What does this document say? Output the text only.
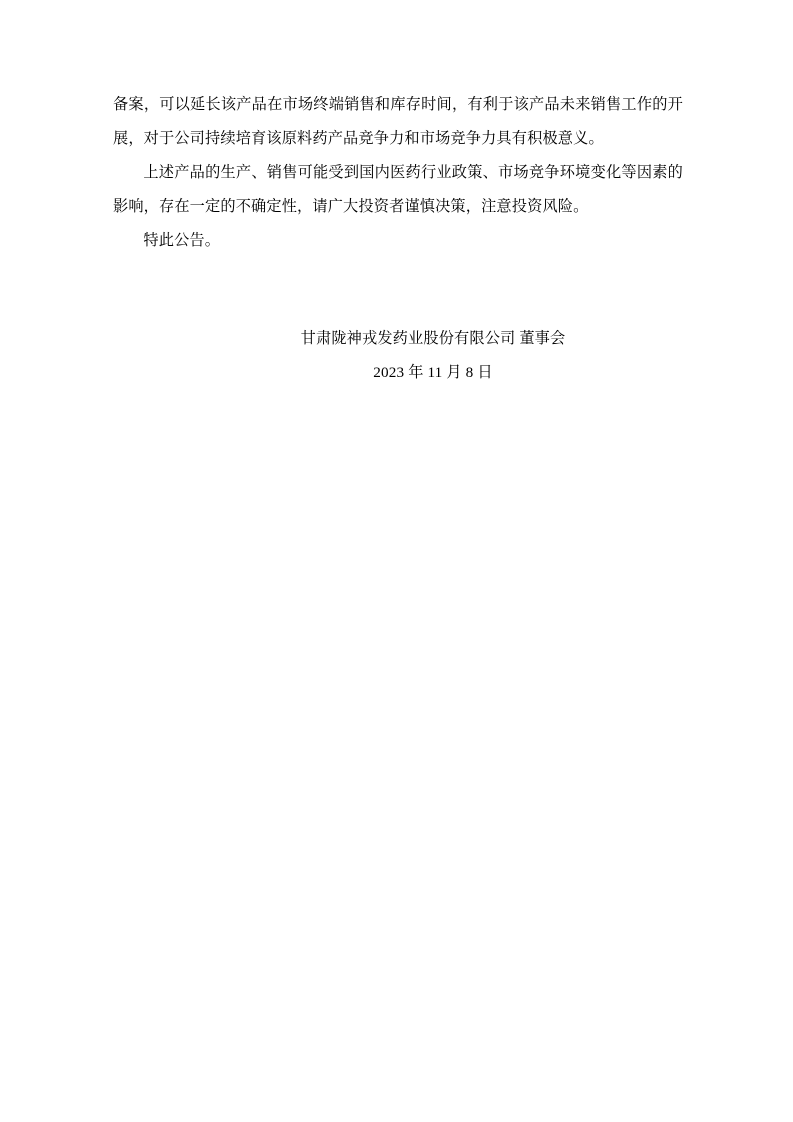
备案，可以延长该产品在市场终端销售和库存时间，有利于该产品未来销售工作的开展，对于公司持续培育该原料药产品竞争力和市场竞争力具有积极意义。

上述产品的生产、销售可能受到国内医药行业政策、市场竞争环境变化等因素的影响，存在一定的不确定性，请广大投资者谨慎决策，注意投资风险。

特此公告。

甘肃陇神戎发药业股份有限公司 董事会
2023 年 11 月 8 日
